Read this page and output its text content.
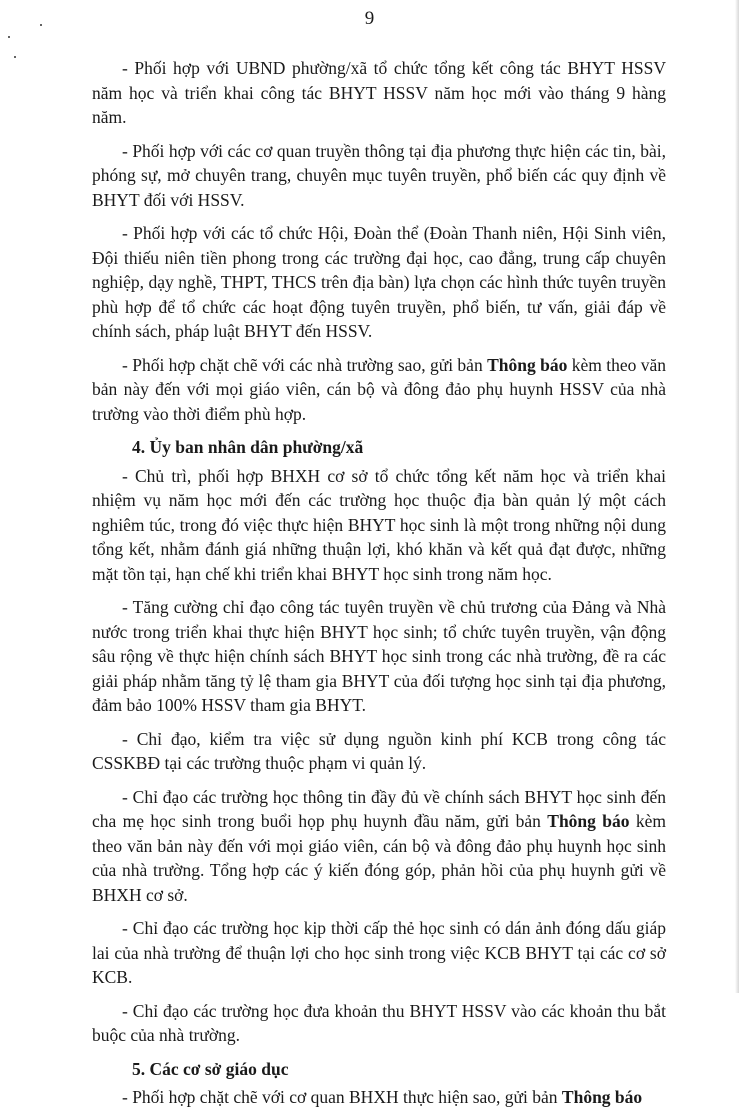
9

- Phối hợp với UBND phường/xã tổ chức tổng kết công tác BHYT HSSV năm học và triển khai công tác BHYT HSSV năm học mới vào tháng 9 hàng năm.

- Phối hợp với các cơ quan truyền thông tại địa phương thực hiện các tin, bài, phóng sự, mở chuyên trang, chuyên mục tuyên truyền, phổ biến các quy định về BHYT đối với HSSV.

- Phối hợp với các tổ chức Hội, Đoàn thể (Đoàn Thanh niên, Hội Sinh viên, Đội thiếu niên tiền phong trong các trường đại học, cao đẳng, trung cấp chuyên nghiệp, dạy nghề, THPT, THCS trên địa bàn) lựa chọn các hình thức tuyên truyền phù hợp để tổ chức các hoạt động tuyên truyền, phổ biến, tư vấn, giải đáp về chính sách, pháp luật BHYT đến HSSV.

- Phối hợp chặt chẽ với các nhà trường sao, gửi bản Thông báo kèm theo văn bản này đến với mọi giáo viên, cán bộ và đông đảo phụ huynh HSSV của nhà trường vào thời điểm phù hợp.

4. Ủy ban nhân dân phường/xã

- Chủ trì, phối hợp BHXH cơ sở tổ chức tổng kết năm học và triển khai nhiệm vụ năm học mới đến các trường học thuộc địa bàn quản lý một cách nghiêm túc, trong đó việc thực hiện BHYT học sinh là một trong những nội dung tổng kết, nhằm đánh giá những thuận lợi, khó khăn và kết quả đạt được, những mặt tồn tại, hạn chế khi triển khai BHYT học sinh trong năm học.

- Tăng cường chỉ đạo công tác tuyên truyền về chủ trương của Đảng và Nhà nước trong triển khai thực hiện BHYT học sinh; tổ chức tuyên truyền, vận động sâu rộng về thực hiện chính sách BHYT học sinh trong các nhà trường, đề ra các giải pháp nhằm tăng tỷ lệ tham gia BHYT của đối tượng học sinh tại địa phương, đảm bảo 100% HSSV tham gia BHYT.

- Chỉ đạo, kiểm tra việc sử dụng nguồn kinh phí KCB trong công tác CSSKBĐ tại các trường thuộc phạm vi quản lý.

- Chỉ đạo các trường học thông tin đầy đủ về chính sách BHYT học sinh đến cha mẹ học sinh trong buổi họp phụ huynh đầu năm, gửi bản Thông báo kèm theo văn bản này đến với mọi giáo viên, cán bộ và đông đảo phụ huynh học sinh của nhà trường. Tổng hợp các ý kiến đóng góp, phản hồi của phụ huynh gửi về BHXH cơ sở.

- Chỉ đạo các trường học kịp thời cấp thẻ học sinh có dán ảnh đóng dấu giáp lai của nhà trường để thuận lợi cho học sinh trong việc KCB BHYT tại các cơ sở KCB.

- Chỉ đạo các trường học đưa khoản thu BHYT HSSV vào các khoản thu bắt buộc của nhà trường.

5. Các cơ sở giáo dục

- Phối hợp chặt chẽ với cơ quan BHXH thực hiện sao, gửi bản Thông báo
